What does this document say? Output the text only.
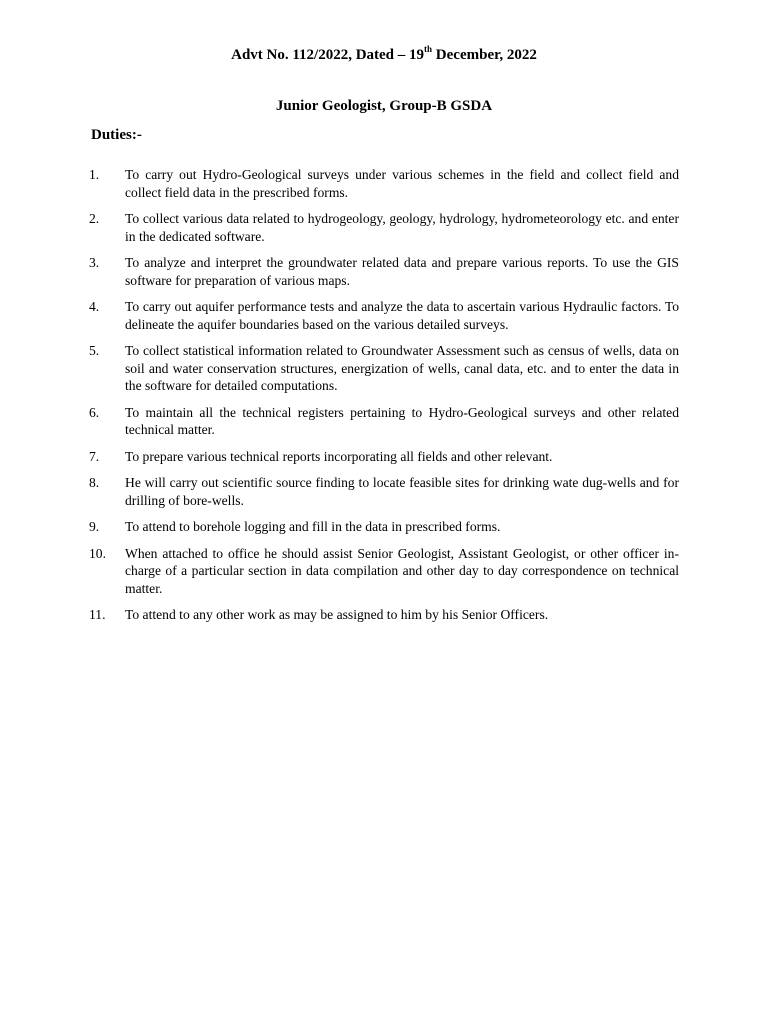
Advt No. 112/2022, Dated – 19th December, 2022
Junior Geologist, Group-B GSDA
Duties:-
1.	To carry out Hydro-Geological surveys under various schemes in the field and collect field and collect field data in the prescribed forms.
2.	To collect various data related to hydrogeology, geology, hydrology, hydrometeorology etc. and enter in the dedicated software.
3.	To analyze and interpret the groundwater related data and prepare various reports. To use the GIS software for preparation of various maps.
4.	To carry out aquifer performance tests and analyze the data to ascertain various Hydraulic factors. To delineate the aquifer boundaries based on the various detailed surveys.
5.	To collect statistical information related to Groundwater Assessment such as census of wells, data on soil and water conservation structures, energization of wells, canal data, etc. and to enter the data in the software for detailed computations.
6.	To maintain all the technical registers pertaining to Hydro-Geological surveys and other related technical matter.
7.	To prepare various technical reports incorporating all fields and other relevant.
8.	He will carry out scientific source finding to locate feasible sites for drinking wate dug-wells and for drilling of bore-wells.
9.	To attend to borehole logging and fill in the data in prescribed forms.
10.	When attached to office he should assist Senior Geologist, Assistant Geologist, or other officer in-charge of a particular section in data compilation and other day to day correspondence on technical matter.
11.	To attend to any other work as may be assigned to him by his Senior Officers.
